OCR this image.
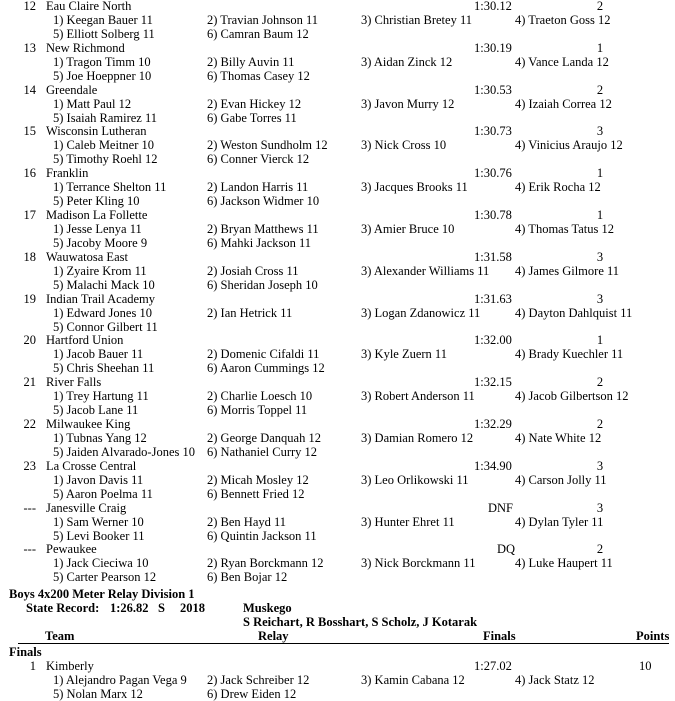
12 Eau Claire North	1:30.12	2
1) Keegan Bauer 11	2) Travian Johnson 11	3) Christian Bretey 11	4) Traeton Goss 12
5) Elliott Solberg 11	6) Camran Baum 12
13 New Richmond	1:30.19	1
1) Tragon Timm 10	2) Billy Auvin 11	3) Aidan Zinck 12	4) Vance Landa 12
5) Joe Hoeppner 10	6) Thomas Casey 12
14 Greendale	1:30.53	2
1) Matt Paul 12	2) Evan Hickey 12	3) Javon Murry 12	4) Izaiah Correa 12
5) Isaiah Ramirez 11	6) Gabe Torres 11
15 Wisconsin Lutheran	1:30.73	3
1) Caleb Meitner 10	2) Weston Sundholm 12	3) Nick Cross 10	4) Vinicius Araujo 12
5) Timothy Roehl 12	6) Conner Vierck 12
16 Franklin	1:30.76	1
1) Terrance Shelton 11	2) Landon Harris 11	3) Jacques Brooks 11	4) Erik Rocha 12
5) Peter Kling 10	6) Jackson Widmer 10
17 Madison La Follette	1:30.78	1
1) Jesse Lenya 11	2) Bryan Matthews 11	3) Amier Bruce 10	4) Thomas Tatus 12
5) Jacoby Moore 9	6) Mahki Jackson 11
18 Wauwatosa East	1:31.58	3
1) Zyaire Krom 11	2) Josiah Cross 11	3) Alexander Williams 11 4) James Gilmore 11
5) Malachi Mack 10	6) Sheridan Joseph 10
19 Indian Trail Academy	1:31.63	3
1) Edward Jones 10	2) Ian Hetrick 11	3) Logan Zdanowicz 11	4) Dayton Dahlquist 11
5) Connor Gilbert 11
20 Hartford Union	1:32.00	1
1) Jacob Bauer 11	2) Domenic Cifaldi 11	3) Kyle Zuern 11	4) Brady Kuechler 11
5) Chris Sheehan 11	6) Aaron Cummings 12
21 River Falls	1:32.15	2
1) Trey Hartung 11	2) Charlie Loesch 10	3) Robert Anderson 11	4) Jacob Gilbertson 12
5) Jacob Lane 11	6) Morris Toppel 11
22 Milwaukee King	1:32.29	2
1) Tubnas Yang 12	2) George Danquah 12	3) Damian Romero 12	4) Nate White 12
5) Jaiden Alvarado-Jones 10 6) Nathaniel Curry 12
23 La Crosse Central	1:34.90	3
1) Javon Davis 11	2) Micah Mosley 12	3) Leo Orlikowski 11	4) Carson Jolly 11
5) Aaron Poelma 11	6) Bennett Fried 12
--- Janesville Craig	DNF	3
1) Sam Werner 10	2) Ben Hayd 11	3) Hunter Ehret 11	4) Dylan Tyler 11
5) Levi Booker 11	6) Quintin Jackson 11
--- Pewaukee	DQ	2
1) Jack Cieciwa 10	2) Ryan Borckmann 12	3) Nick Borckmann 11	4) Luke Haupert 11
5) Carter Pearson 12	6) Ben Bojar 12
Boys 4x200 Meter Relay Division 1
State Record: 1:26.82 S 2018	Muskego
S Reichart, R Bosshart, S Scholz, J Kotarak
Team	Relay	Finals	Points
Finals
1 Kimberly	1:27.02	10
1) Alejandro Pagan Vega 9 2) Jack Schreiber 12	3) Kamin Cabana 12	4) Jack Statz 12
5) Nolan Marx 12	6) Drew Eiden 12
